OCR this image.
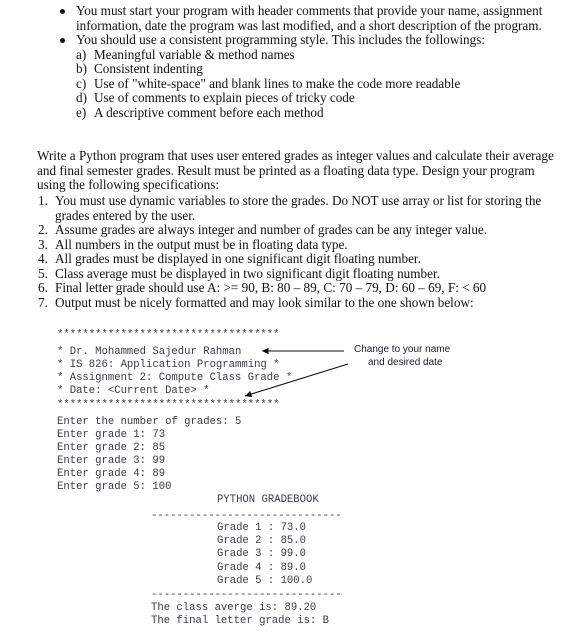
You must start your program with header comments that provide your name, assignment information, date the program was last modified, and a short description of the program.
You should use a consistent programming style. This includes the followings:
a) Meaningful variable & method names
b) Consistent indenting
c) Use of "white-space" and blank lines to make the code more readable
d) Use of comments to explain pieces of tricky code
e) A descriptive comment before each method
Write a Python program that uses user entered grades as integer values and calculate their average and final semester grades. Result must be printed as a floating data type. Design your program using the following specifications:
1. You must use dynamic variables to store the grades. Do NOT use array or list for storing the grades entered by the user.
2. Assume grades are always integer and number of grades can be any integer value.
3. All numbers in the output must be in floating data type.
4. All grades must be displayed in one significant digit floating number.
5. Class average must be displayed in two significant digit floating number.
6. Final letter grade should use A: >= 90, B: 80 – 89, C: 70 – 79, D: 60 – 69, F: < 60
7. Output must be nicely formatted and may look similar to the one shown below:

***********************************

* Dr. Mohammed Sajedur Rahman

* IS 826: Application Programming *

* Assignment 2: Compute Class Grade *

* Date: <Current Date> *

***********************************

Enter the number of grades: 5

Enter grade 1: 73

Enter grade 2: 85

Enter grade 3: 99

Enter grade 4: 89

Enter grade 5: 100

PYTHON GRADEBOOK

------------------------------

Grade 1 : 73.0

Grade 2 : 85.0

Grade 3 : 99.0

Grade 4 : 89.0

Grade 5 : 100.0

------------------------------

The class averge is: 89.20

The final letter grade is: B

Change to your name
and desired date
